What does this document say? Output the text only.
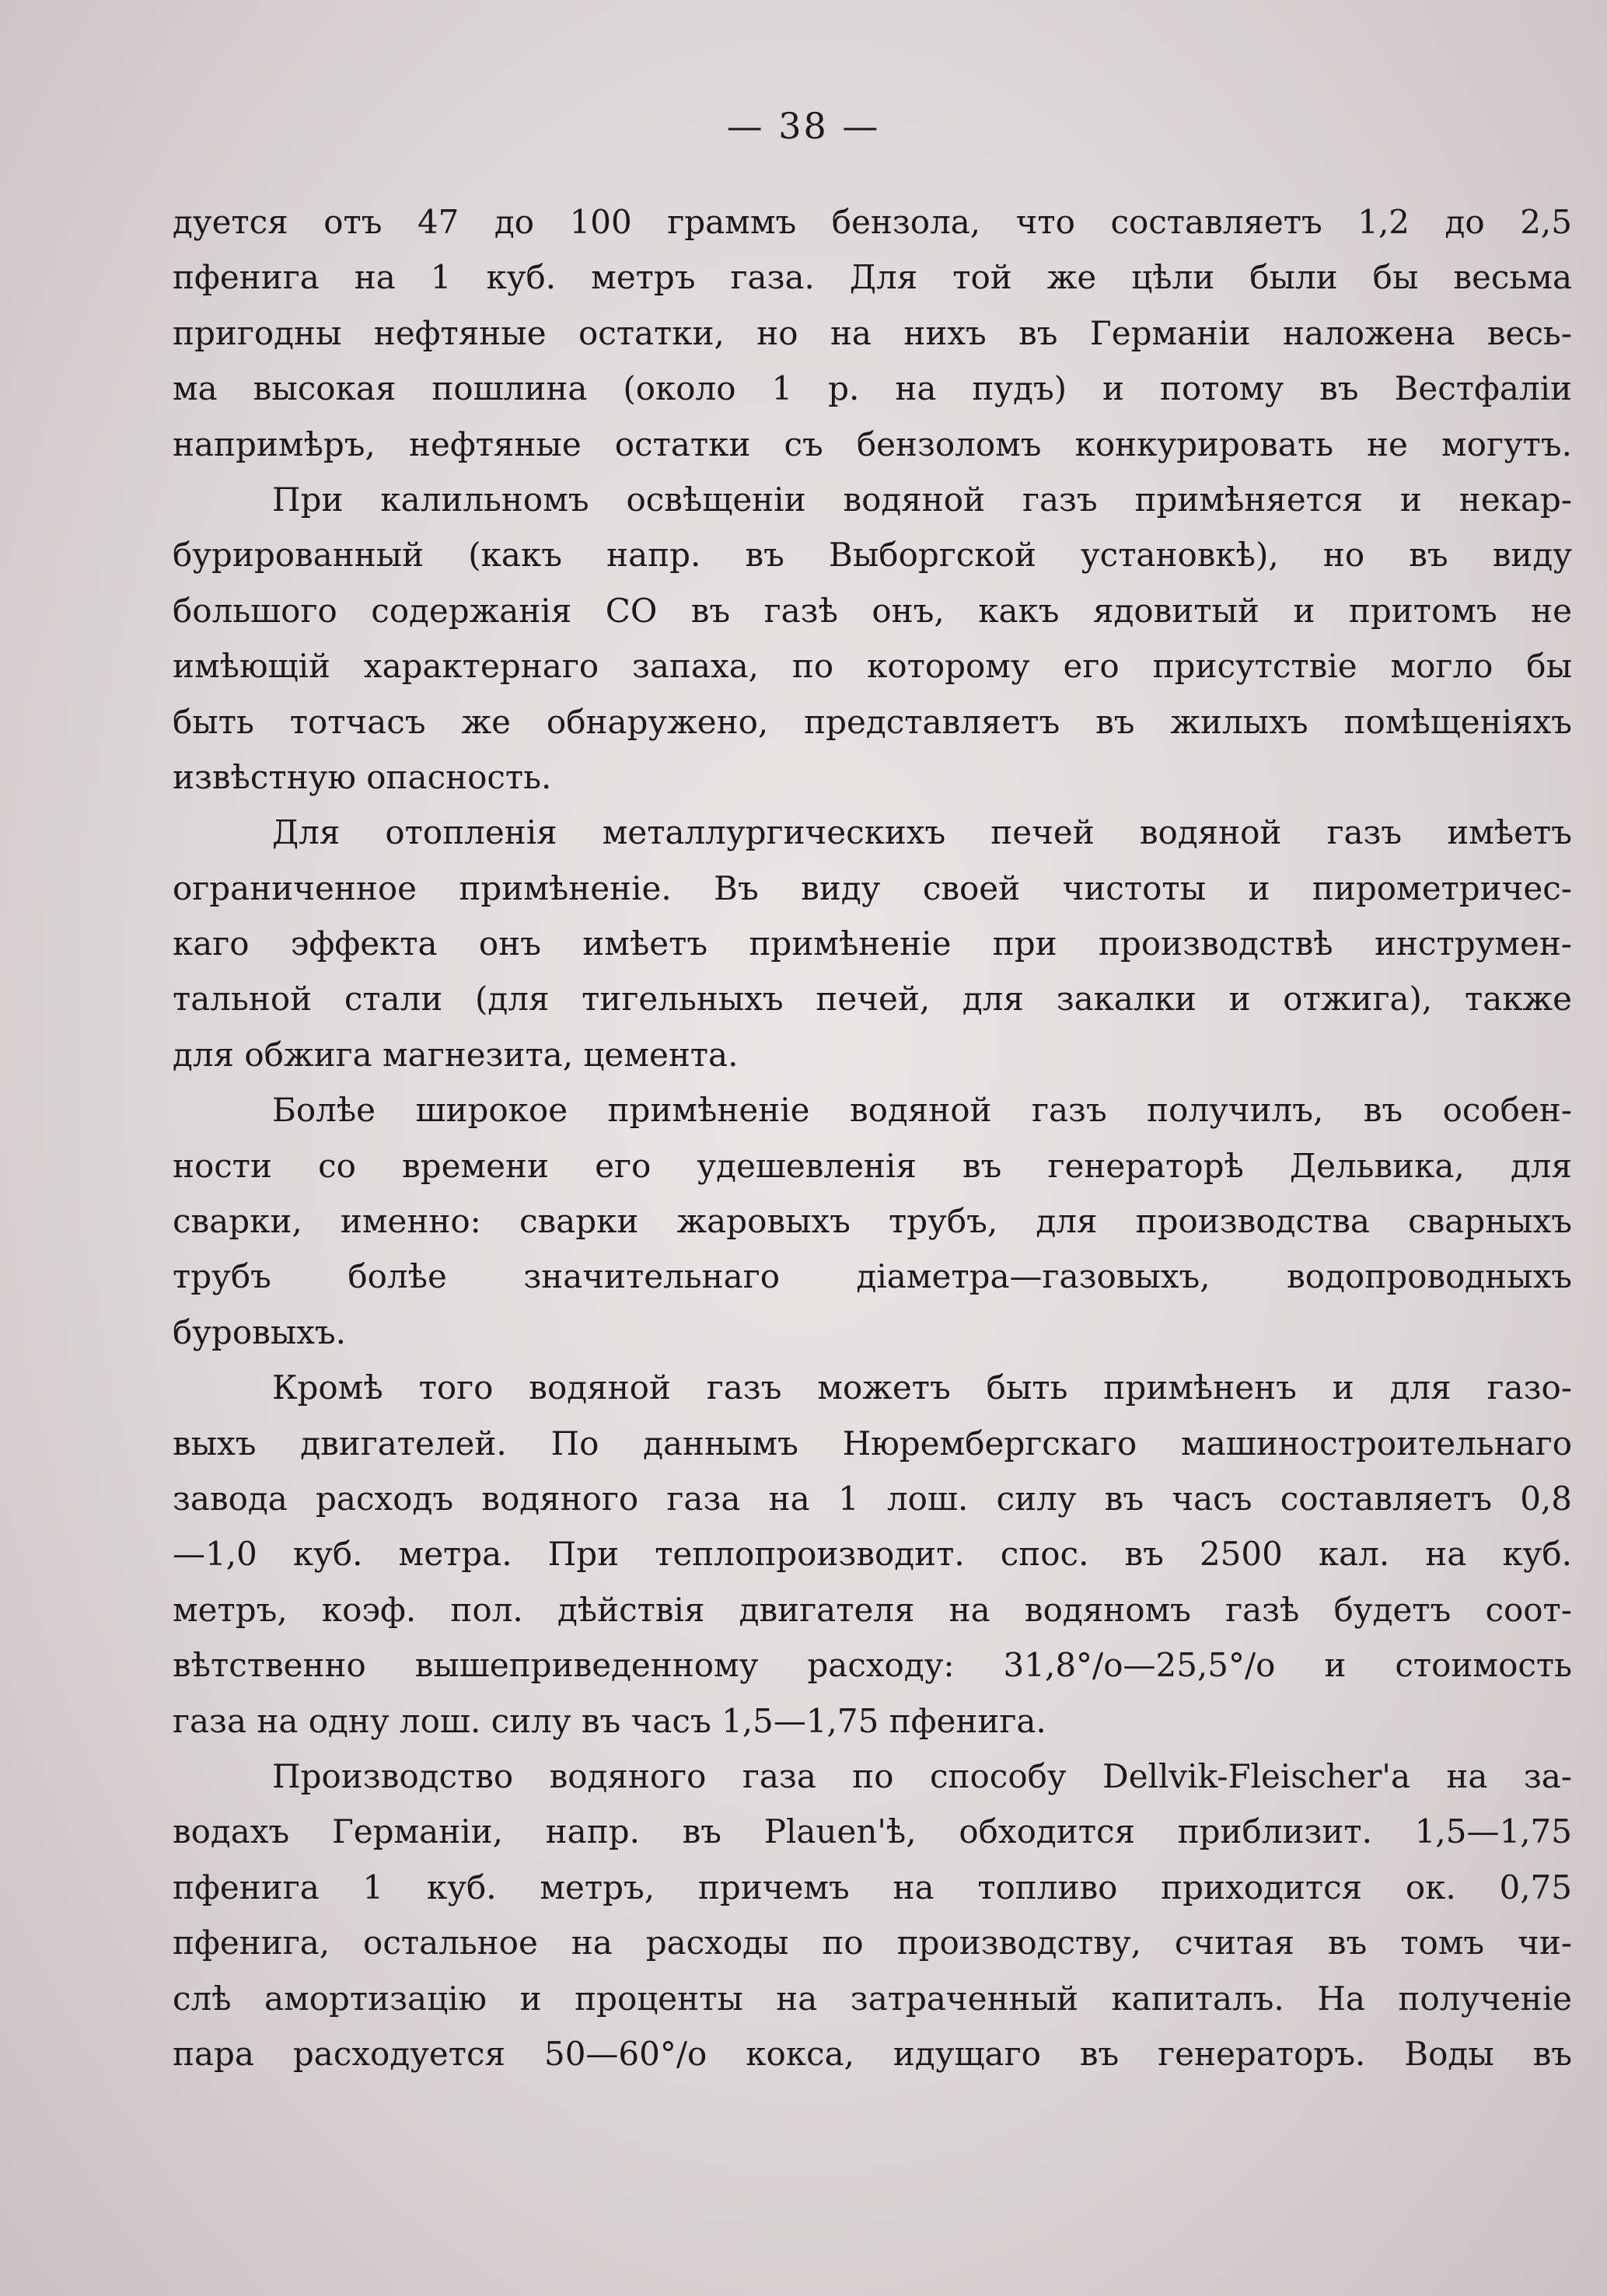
— 38 —
дуется отъ 47 до 100 граммъ бензола, что составляетъ 1,2 до 2,5
пфенига на 1 куб. метръ газа. Для той же цѣли были бы весьма
пригодны нефтяные остатки, но на нихъ въ Германіи наложена весь-
ма высокая пошлина (около 1 р. на пудъ) и потому въ Вестфаліи
напримѣръ, нефтяные остатки съ бензоломъ конкурировать не могутъ.
При калильномъ освѣщеніи водяной газъ примѣняется и некар-
бурированный (какъ напр. въ Выборгской установкѣ), но въ виду
большого содержанія СО въ газѣ онъ, какъ ядовитый и притомъ не
имѣющій характернаго запаха, по которому его присутствіе могло бы
быть тотчасъ же обнаружено, представляетъ въ жилыхъ помѣщеніяхъ
извѣстную опасность.
Для отопленія металлургическихъ печей водяной газъ имѣетъ
ограниченное примѣненіе. Въ виду своей чистоты и пирометричес-
каго эффекта онъ имѣетъ примѣненіе при производствѣ инструмен-
тальной стали (для тигельныхъ печей, для закалки и отжига), также
для обжига магнезита, цемента.
Болѣе широкое примѣненіе водяной газъ получилъ, въ особен-
ности со времени его удешевленія въ генераторѣ Дельвика, для
сварки, именно: сварки жаровыхъ трубъ, для производства сварныхъ
трубъ болѣе значительнаго діаметра—газовыхъ, водопроводныхъ
буровыхъ.
Кромѣ того водяной газъ можетъ быть примѣненъ и для газо-
выхъ двигателей. По даннымъ Нюрембергскаго машиностроительнаго
завода расходъ водяного газа на 1 лош. силу въ часъ составляетъ 0,8
—1,0 куб. метра. При теплопроизводит. спос. въ 2500 кал. на куб.
метръ, коэф. пол. дѣйствія двигателя на водяномъ газѣ будетъ соот-
вѣтственно вышеприведенному расходу: 31,8°/о—25,5°/о и стоимость
газа на одну лош. силу въ часъ 1,5—1,75 пфенига.
Производство водяного газа по способу Dellvik-Fleischer'а на за-
водахъ Германіи, напр. въ Plauen'ѣ, обходится приблизит. 1,5—1,75
пфенига 1 куб. метръ, причемъ на топливо приходится ок. 0,75
пфенига, остальное на расходы по производству, считая въ томъ чи-
слѣ амортизацію и проценты на затраченный капиталъ. На полученіе
пара расходуется 50—60°/о кокса, идущаго въ генераторъ. Воды въ
